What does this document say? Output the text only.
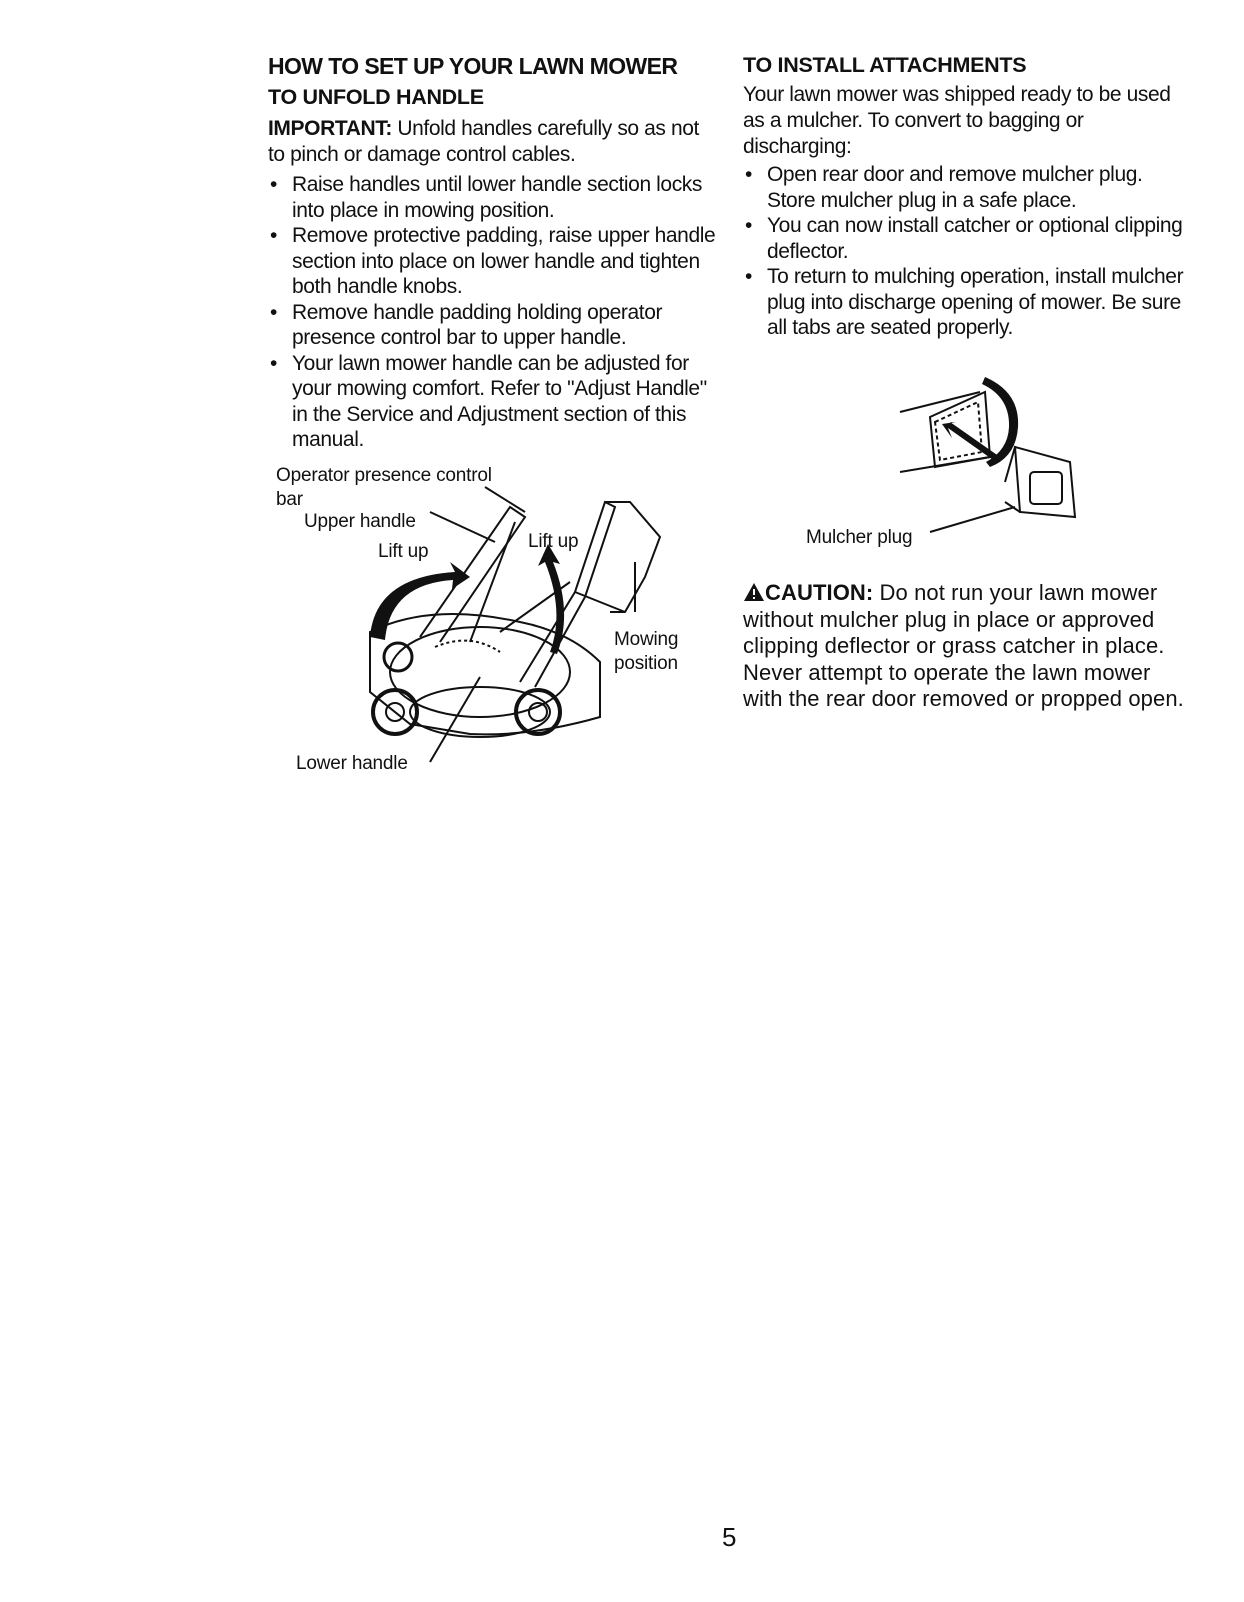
HOW TO SET UP YOUR LAWN MOWER
TO UNFOLD HANDLE

IMPORTANT: Unfold handles carefully so as not to pinch or damage control cables.

• Raise handles until lower handle section locks into place in mowing position.
• Remove protective padding, raise upper handle section into place on lower handle and tighten both handle knobs.
• Remove handle padding holding operator presence control bar to upper handle.
• Your lawn mower handle can be adjusted for your mowing comfort. Refer to "Adjust Handle" in the Service and Adjustment section of this manual.
Operator presence control
bar
Upper handle
Lift up	Lift up
Mowing
position
Lower handle
TO INSTALL ATTACHMENTS

Your lawn mower was shipped ready to be used as a mulcher. To convert to bagging or discharging:

• Open rear door and remove mulcher plug. Store mulcher plug in a safe place.
• You can now install catcher or optional clipping deflector.
• To return to mulching operation, install mulcher plug into discharge opening of mower. Be sure all tabs are seated properly.
Mulcher plug
CAUTION: Do not run your lawn mower without mulcher plug in place or approved clipping deflector or grass catcher in place. Never attempt to operate the lawn mower with the rear door removed or propped open.
5
